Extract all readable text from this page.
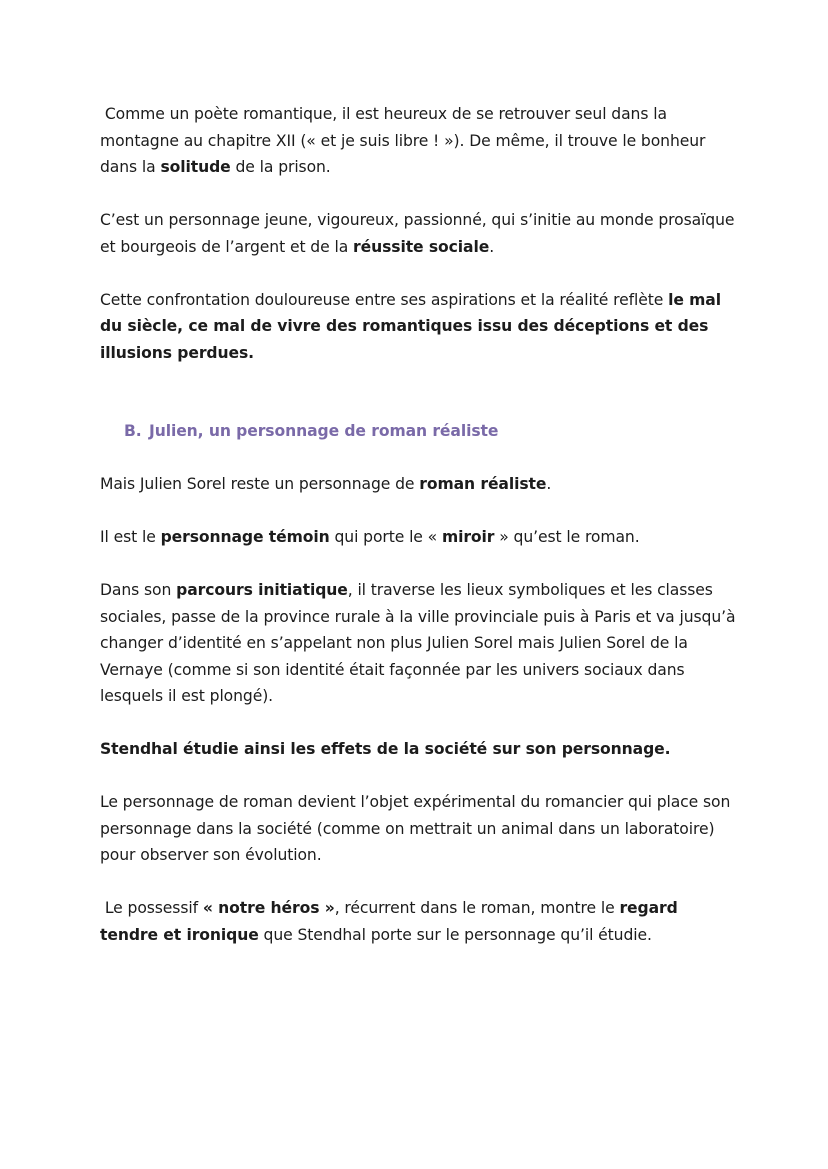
Comme un poète romantique, il est heureux de se retrouver seul dans la montagne au chapitre XII (« et je suis libre ! »). De même, il trouve le bonheur dans la solitude de la prison.

C’est un personnage jeune, vigoureux, passionné, qui s’initie au monde prosaïque et bourgeois de l’argent et de la réussite sociale.

Cette confrontation douloureuse entre ses aspirations et la réalité reflète le mal du siècle, ce mal de vivre des romantiques issu des déceptions et des illusions perdues.

B. Julien, un personnage de roman réaliste

Mais Julien Sorel reste un personnage de roman réaliste.

Il est le personnage témoin qui porte le « miroir » qu’est le roman.

Dans son parcours initiatique, il traverse les lieux symboliques et les classes sociales, passe de la province rurale à la ville provinciale puis à Paris et va jusqu’à changer d’identité en s’appelant non plus Julien Sorel mais Julien Sorel de la Vernaye (comme si son identité était façonnée par les univers sociaux dans lesquels il est plongé).

Stendhal étudie ainsi les effets de la société sur son personnage.

Le personnage de roman devient l’objet expérimental du romancier qui place son personnage dans la société (comme on mettrait un animal dans un laboratoire) pour observer son évolution.

Le possessif « notre héros », récurrent dans le roman, montre le regard tendre et ironique que Stendhal porte sur le personnage qu’il étudie.
